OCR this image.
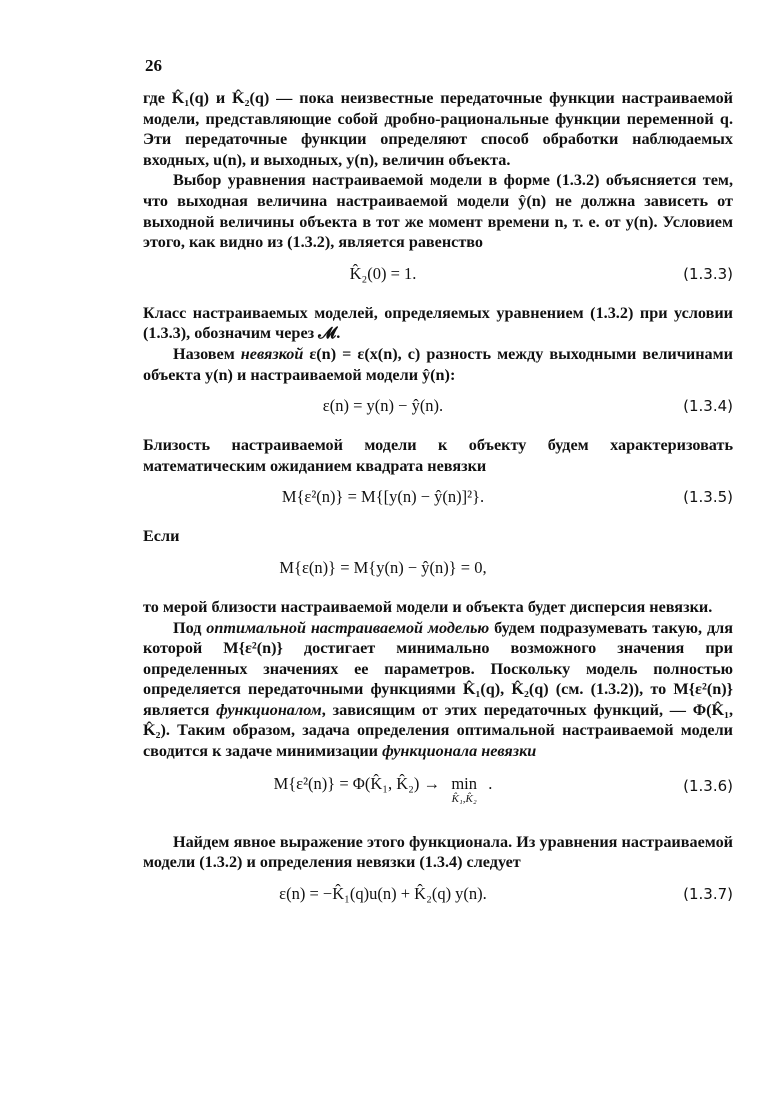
26

где K̂₁(q) и K̂₂(q) — пока неизвестные передаточные функции настраиваемой модели, представляющие собой дробно-рациональные функции переменной q. Эти передаточные функции определяют способ обработки наблюдаемых входных, u(n), и выходных, y(n), величин объекта.

Выбор уравнения настраиваемой модели в форме (1.3.2) объясняется тем, что выходная величина настраиваемой модели ŷ(n) не должна зависеть от выходной величины объекта в тот же момент времени n, т. е. от y(n). Условием этого, как видно из (1.3.2), является равенство

K̂₂(0) = 1.	(1.3.3)

Класс настраиваемых моделей, определяемых уравнением (1.3.2) при условии (1.3.3), обозначим через 𝓜.

Назовем невязкой ε(n) = ε(x(n), c) разность между выходными величинами объекта y(n) и настраиваемой модели ŷ(n):

ε(n) = y(n) − ŷ(n).	(1.3.4)

Близость настраиваемой модели к объекту будем характеризовать математическим ожиданием квадрата невязки

M{ε²(n)} = M{[y(n) − ŷ(n)]²}.	(1.3.5)

Если

M{ε(n)} = M{y(n) − ŷ(n)} = 0,

то мерой близости настраиваемой модели и объекта будет дисперсия невязки.

Под оптимальной настраиваемой моделью будем подразумевать такую, для которой M{ε²(n)} достигает минимально возможного значения при определенных значениях ее параметров. Поскольку модель полностью определяется передаточными функциями K̂₁(q), K̂₂(q) (см. (1.3.2)), то M{ε²(n)} является функционалом, зависящим от этих передаточных функций, — Φ(K̂₁, K̂₂). Таким образом, задача определения оптимальной настраиваемой модели сводится к задаче минимизации функционала невязки

M{ε²(n)} = Φ(K̂₁, K̂₂) → min
K̂₁,K̂₂
.	(1.3.6)

Найдем явное выражение этого функционала. Из уравнения настраиваемой модели (1.3.2) и определения невязки (1.3.4) следует

ε(n) = −K̂₁(q)u(n) + K̂₂(q) y(n).	(1.3.7)
